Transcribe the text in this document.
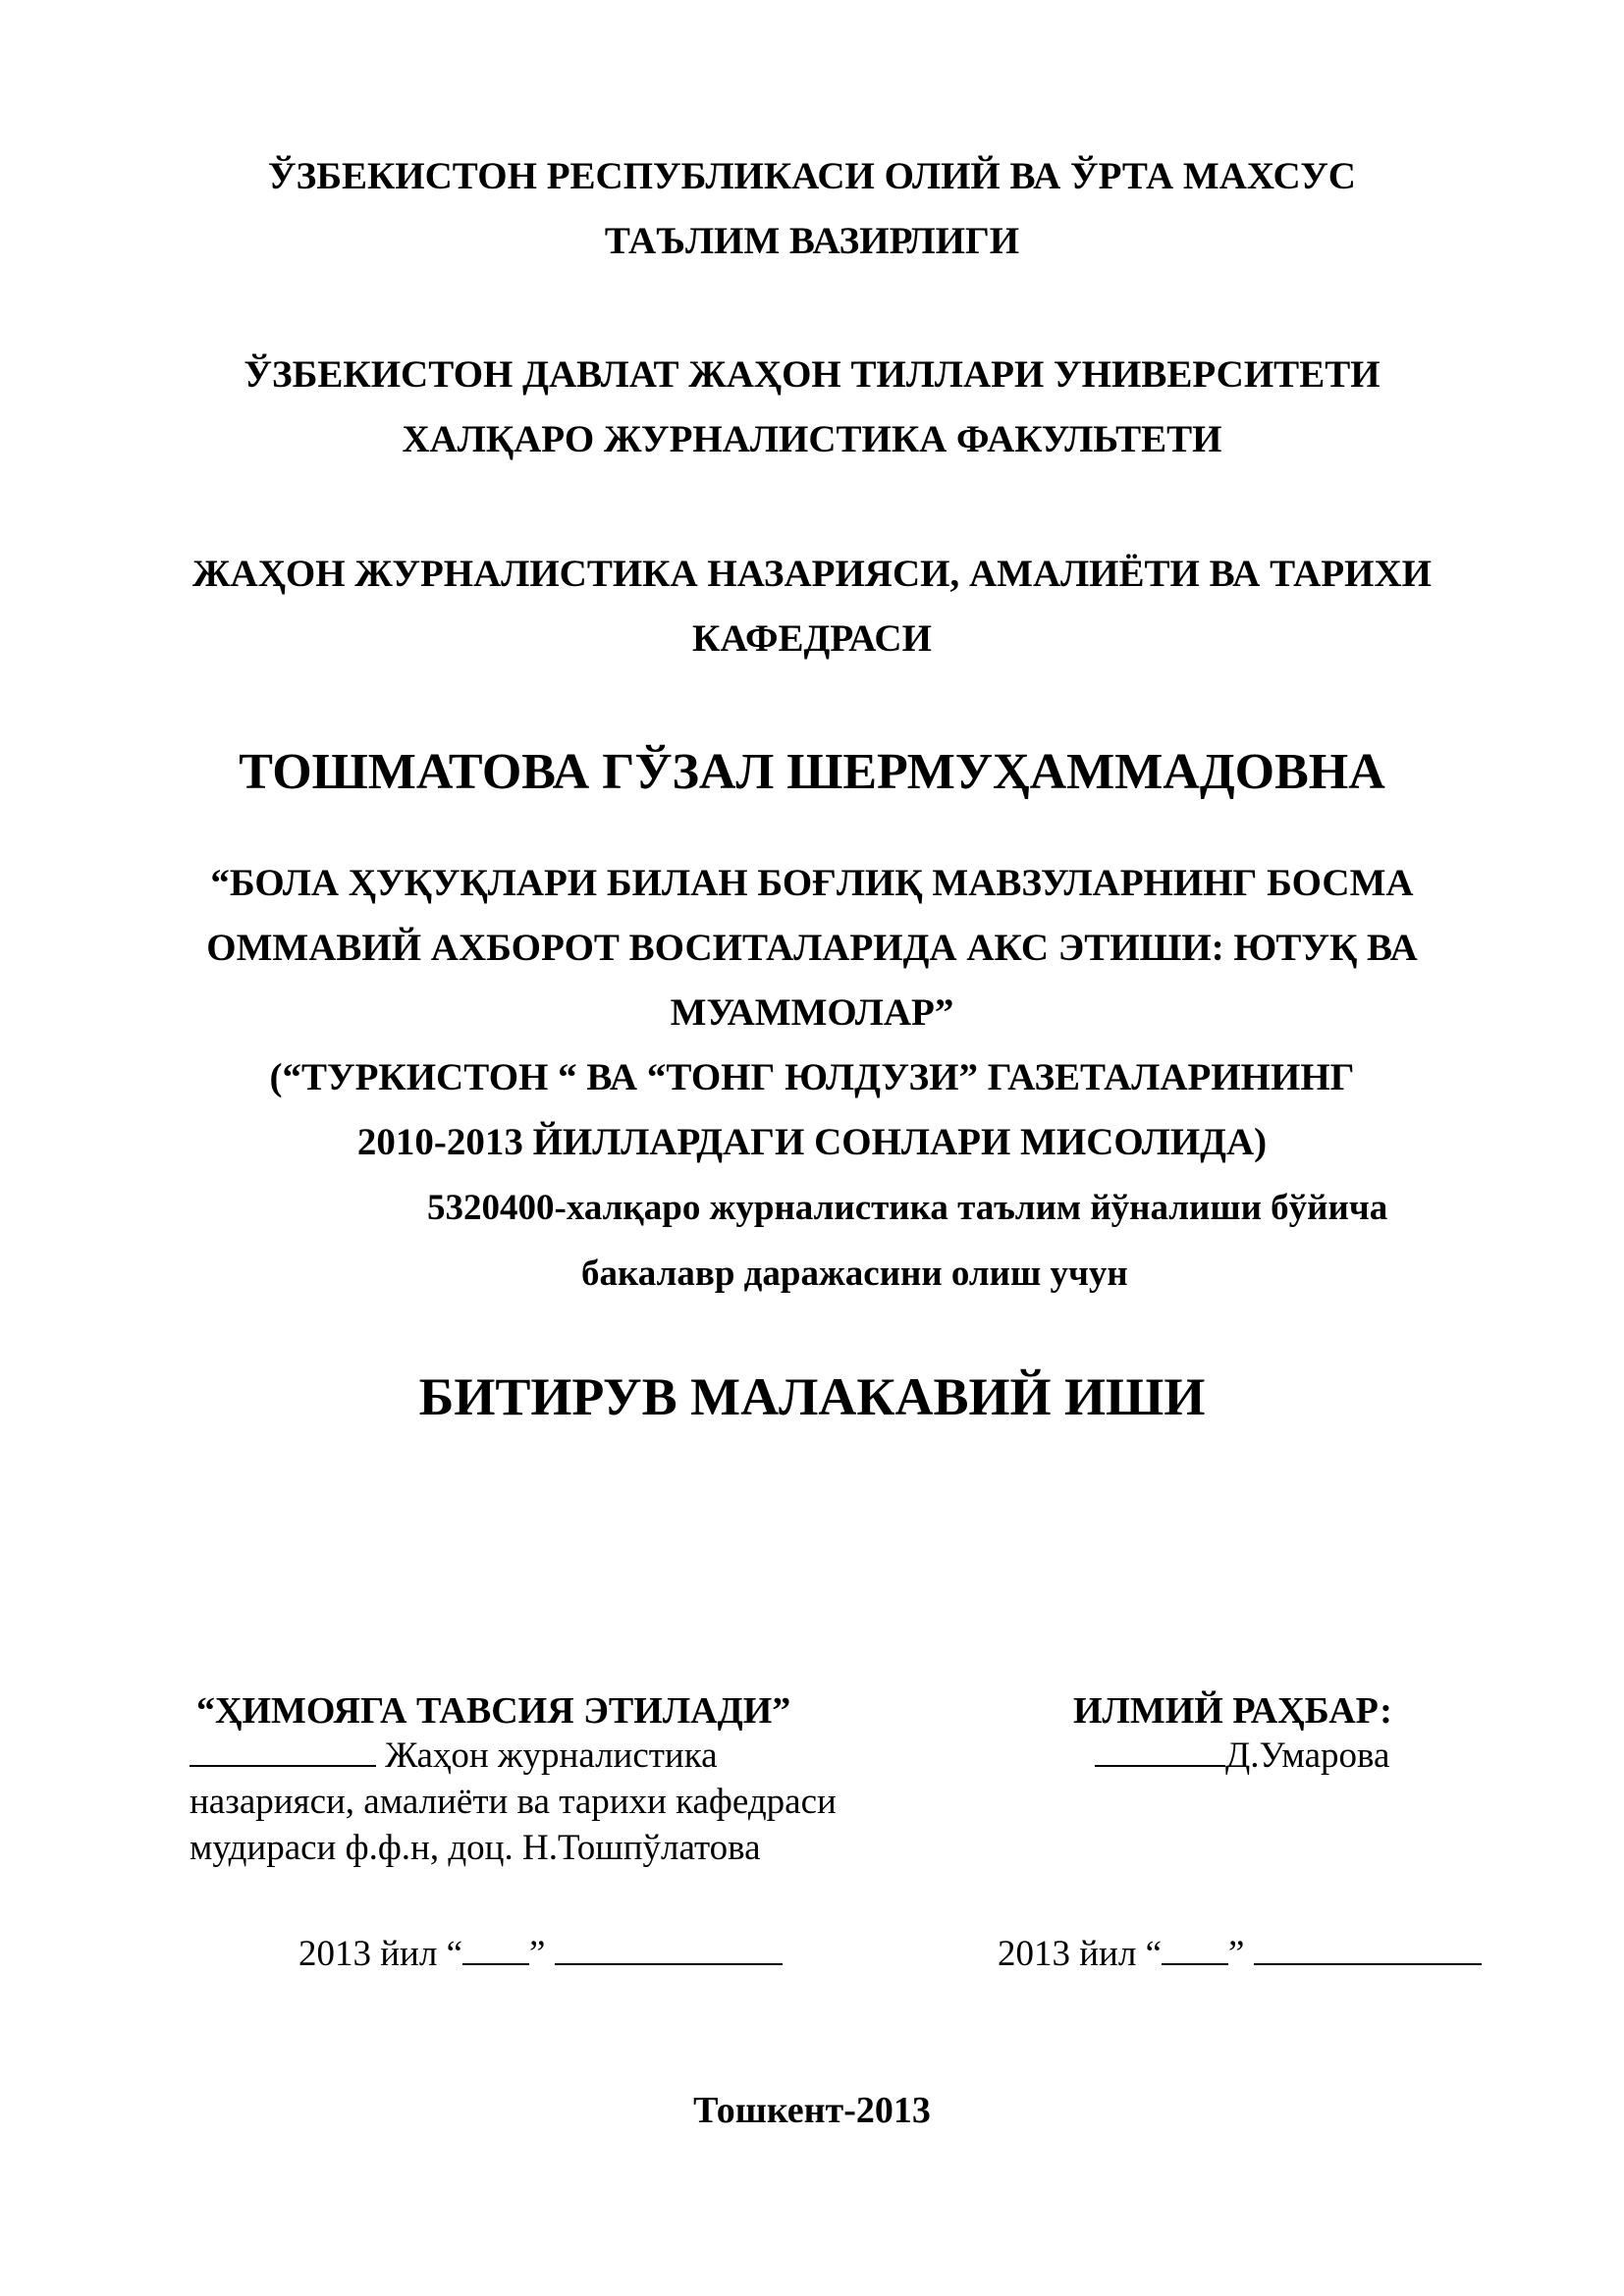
ЎЗБЕКИСТОН РЕСПУБЛИКАСИ ОЛИЙ ВА ЎРТА МАХСУС
ТАЪЛИМ ВАЗИРЛИГИ
ЎЗБЕКИСТОН ДАВЛАТ ЖАҲОН ТИЛЛАРИ УНИВЕРСИТЕТИ
ХАЛҚАРО ЖУРНАЛИСТИКА ФАКУЛЬТЕТИ
ЖАҲОН ЖУРНАЛИСТИКА НАЗАРИЯСИ, АМАЛИЁТИ ВА ТАРИХИ
КАФЕДРАСИ
ТОШМАТОВА ГЎЗАЛ ШЕРМУҲАММАДОВНА
“БОЛА ҲУҚУҚЛАРИ БИЛАН БОҒЛИҚ МАВЗУЛАРНИНГ БОСМА
ОММАВИЙ АХБОРОТ ВОСИТАЛАРИДА АКС ЭТИШИ: ЮТУҚ ВА
МУАММОЛАР”
(“ТУРКИСТОН “ ВА “ТОНГ ЮЛДУЗИ” ГАЗЕТАЛАРИНИНГ
2010-2013 ЙИЛЛАРДАГИ СОНЛАРИ МИСОЛИДА)
5320400-халқаро журналистика таълим йўналиши бўйича
бакалавр даражасини олиш учун
БИТИРУВ МАЛАКАВИЙ ИШИ
“ҲИМОЯГА ТАВСИЯ ЭТИЛАДИ”
Жаҳон журналистика
назарияси, амалиёти ва тарихи кафедраси
мудираси ф.ф.н, доц. Н.Тошпўлатова
ИЛМИЙ РАҲБАР:
Д.Умарова
2013 йил “ ”	2013 йил “ ”
Тошкент-2013
